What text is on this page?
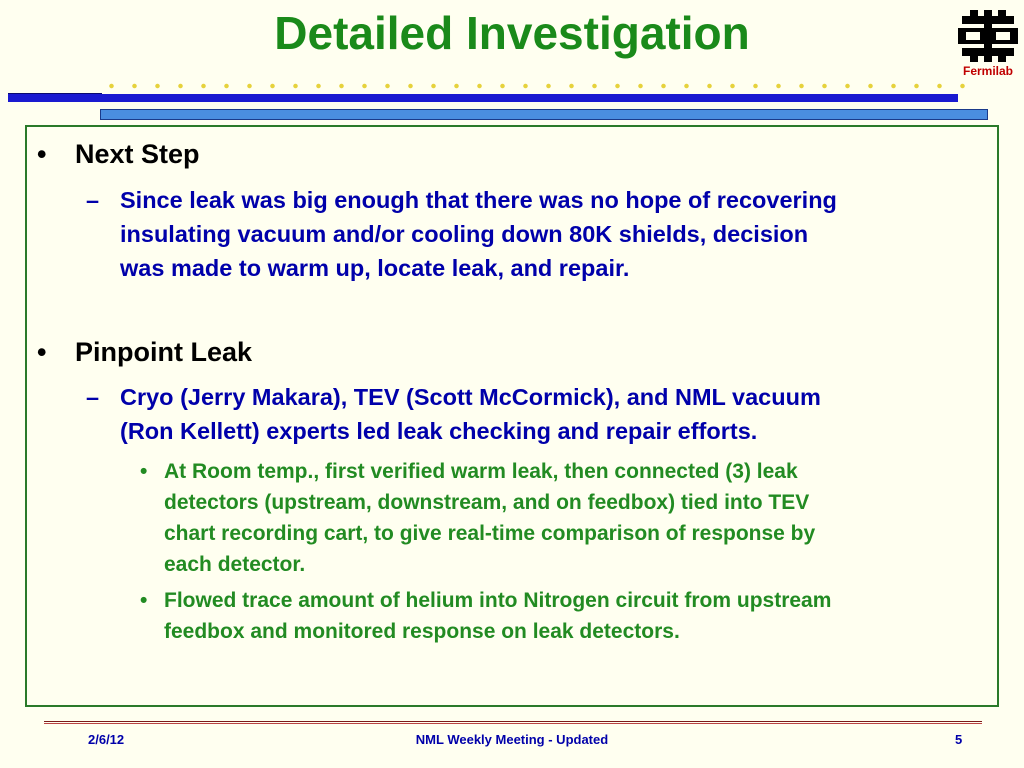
Detailed Investigation
Fermilab
• Next Step
– Since leak was big enough that there was no hope of recovering
insulating vacuum and/or cooling down 80K shields, decision
was made to warm up, locate leak, and repair.
• Pinpoint Leak
– Cryo (Jerry Makara), TEV (Scott McCormick), and NML vacuum
(Ron Kellett) experts led leak checking and repair efforts.
• At Room temp., first verified warm leak, then connected (3) leak
detectors (upstream, downstream, and on feedbox) tied into TEV
chart recording cart, to give real-time comparison of response by
each detector.
• Flowed trace amount of helium into Nitrogen circuit from upstream
feedbox and monitored response on leak detectors.
2/6/12	NML Weekly Meeting - Updated	5
